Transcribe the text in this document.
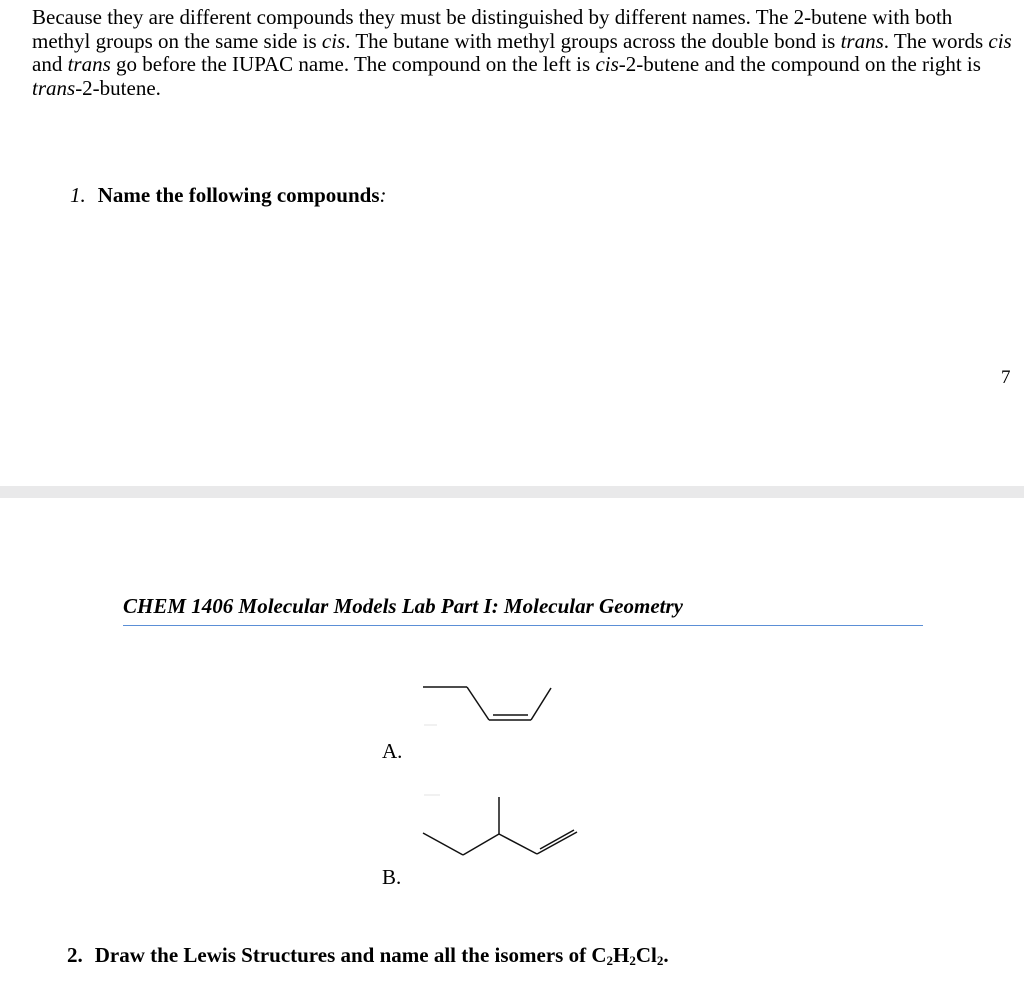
Because they are different compounds they must be distinguished by different names. The 2-butene with both methyl groups on the same side is cis. The butane with methyl groups across the double bond is trans. The words cis and trans go before the IUPAC name. The compound on the left is cis-2-butene and the compound on the right is trans-2-butene.

1. Name the following compounds:
7
CHEM 1406 Molecular Models Lab Part I: Molecular Geometry
A.
B.
2. Draw the Lewis Structures and name all the isomers of $C_2H_2Cl_2$.
